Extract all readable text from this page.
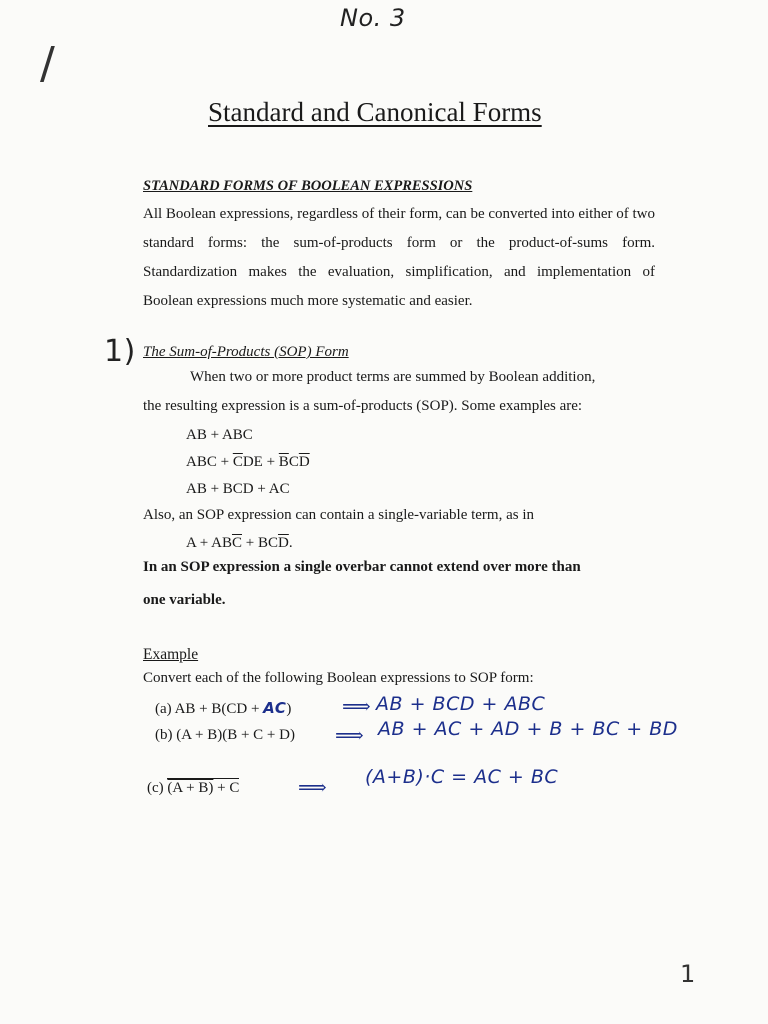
No. 3
/
Standard and Canonical Forms
STANDARD FORMS OF BOOLEAN EXPRESSIONS

All Boolean expressions, regardless of their form, can be converted into either of two standard forms: the sum-of-products form or the product-of-sums form. Standardization makes the evaluation, simplification, and implementation of Boolean expressions much more systematic and easier.

1) The Sum-of-Products (SOP) Form
When two or more product terms are summed by Boolean addition,
the resulting expression is a sum-of-products (SOP). Some examples are:
AB + ABC
ABC + $\overline{C}DE + \overline{B}C\overline{D}$
AB + BCD + AC
Also, an SOP expression can contain a single-variable term, as in
$A + AB\overline{C} + BC\overline{D}$.
In an SOP expression a single overbar cannot extend over more than
one variable.
Example
Convert each of the following Boolean expressions to SOP form:
(a) AB + B(CD + AC)	⟹ AB + BCD + ABC
(b) (A + B)(B + C + D) ⟹ AB + AC + AD + B + BC + BD
(c) (A + B) + C	⟹ (A+B)·C = AC + BC
1
